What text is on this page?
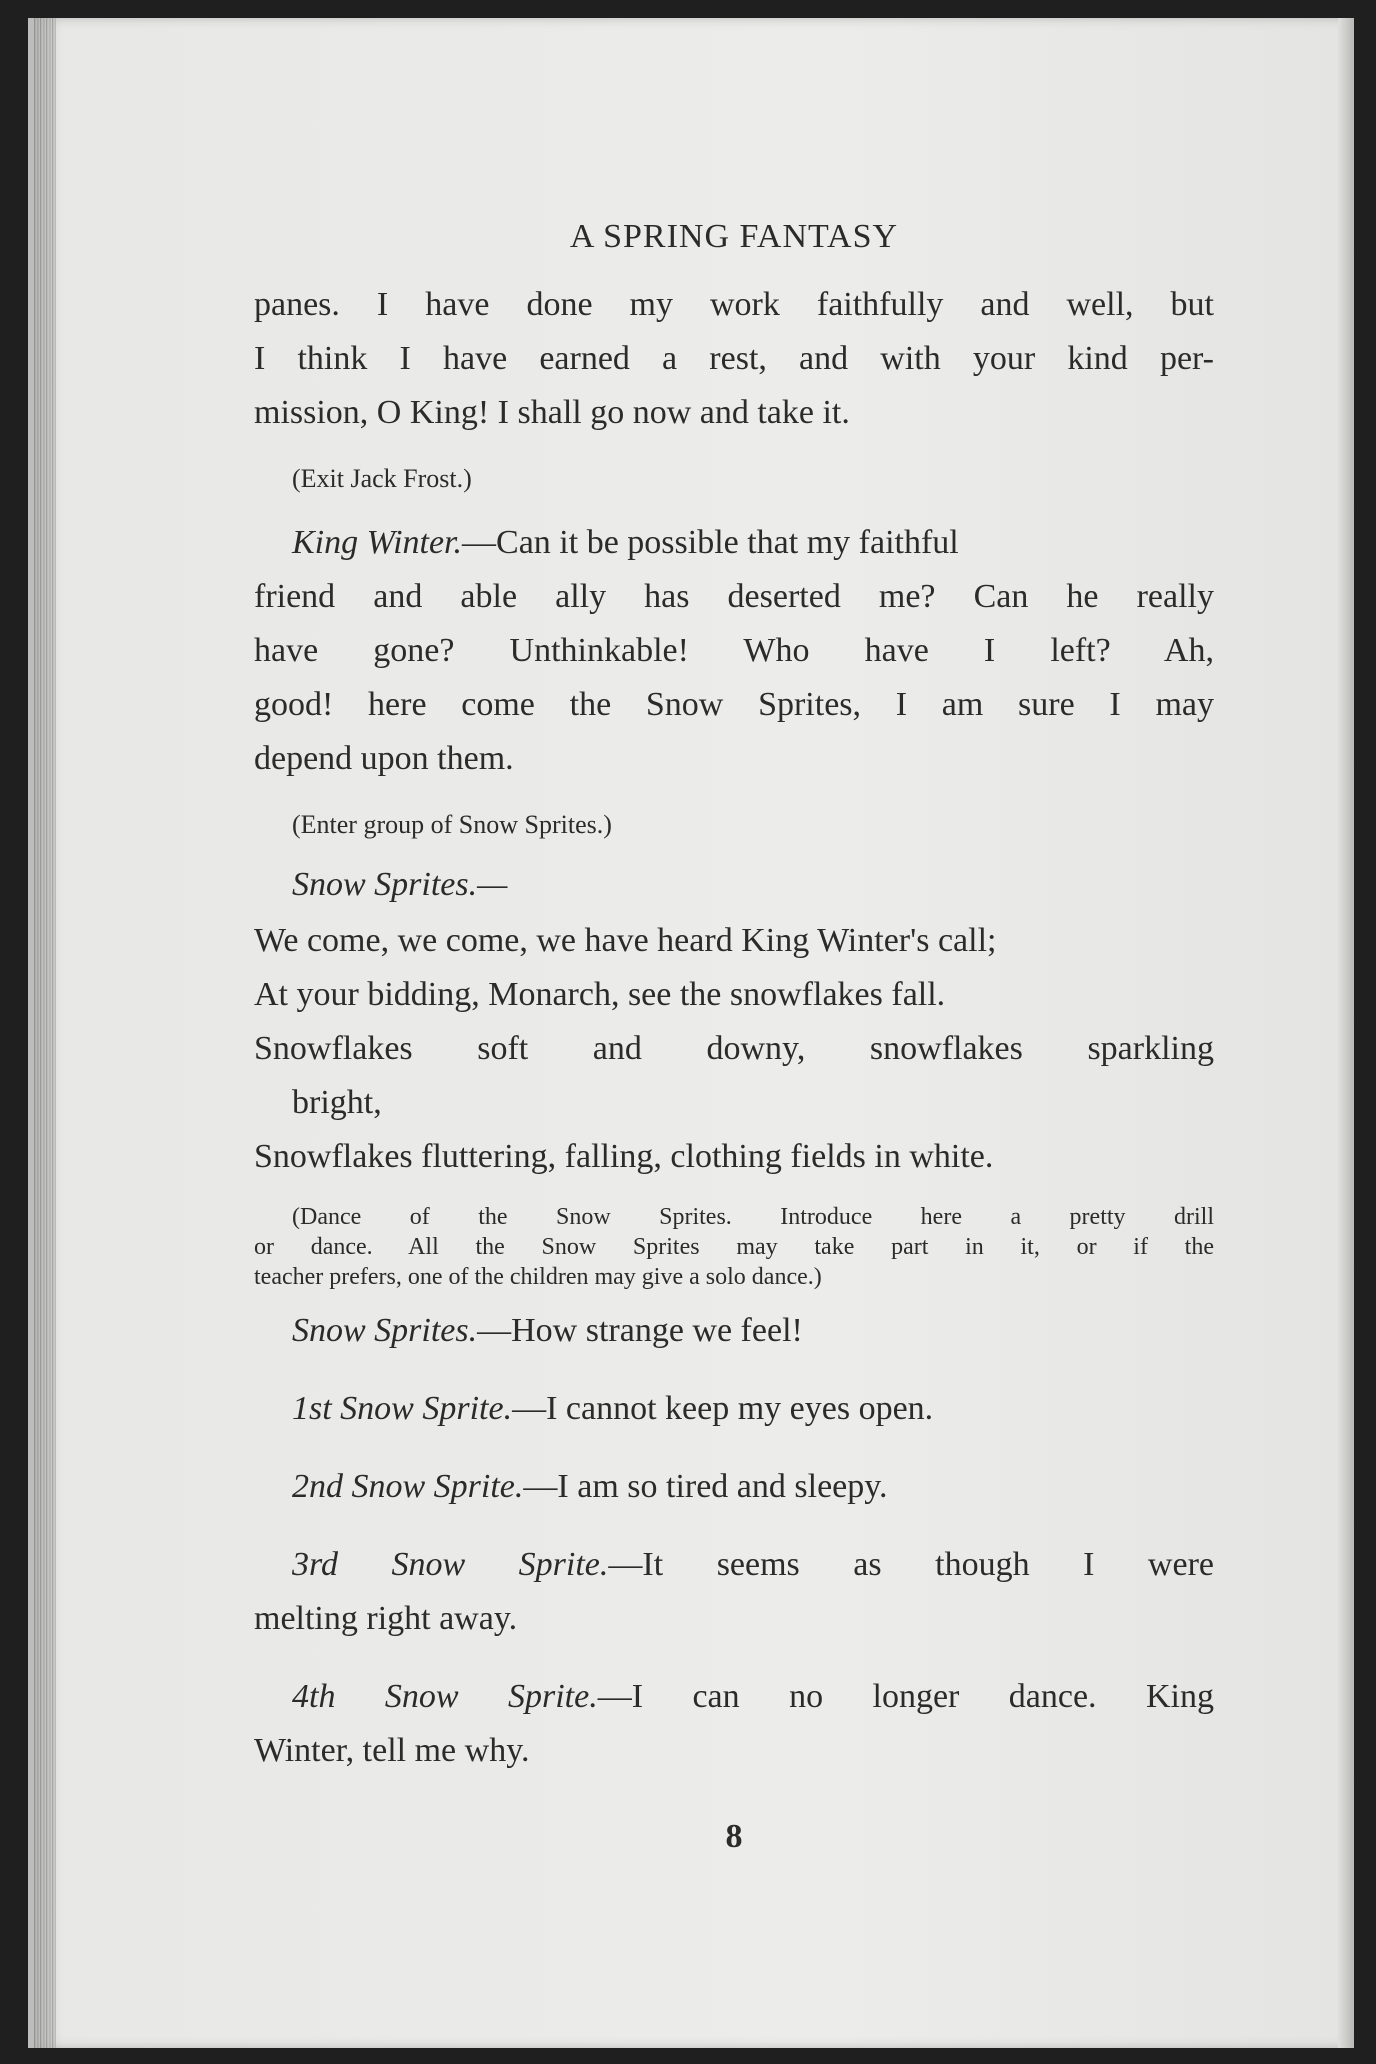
A SPRING FANTASY
panes. I have done my work faithfully and well, but
I think I have earned a rest, and with your kind per-
mission, O King! I shall go now and take it.
(Exit Jack Frost.)
King Winter.—Can it be possible that my faithful
friend and able ally has deserted me? Can he really
have gone? Unthinkable! Who have I left? Ah,
good! here come the Snow Sprites, I am sure I may
depend upon them.
(Enter group of Snow Sprites.)
Snow Sprites.—
We come, we come, we have heard King Winter's call;
At your bidding, Monarch, see the snowflakes fall.
Snowflakes soft and downy, snowflakes sparkling
bright,
Snowflakes fluttering, falling, clothing fields in white.
(Dance of the Snow Sprites. Introduce here a pretty drill
or dance. All the Snow Sprites may take part in it, or if the
teacher prefers, one of the children may give a solo dance.)
Snow Sprites.—How strange we feel!
1st Snow Sprite.—I cannot keep my eyes open.
2nd Snow Sprite.—I am so tired and sleepy.
3rd Snow Sprite.—It seems as though I were
melting right away.
4th Snow Sprite.—I can no longer dance. King
Winter, tell me why.
8
